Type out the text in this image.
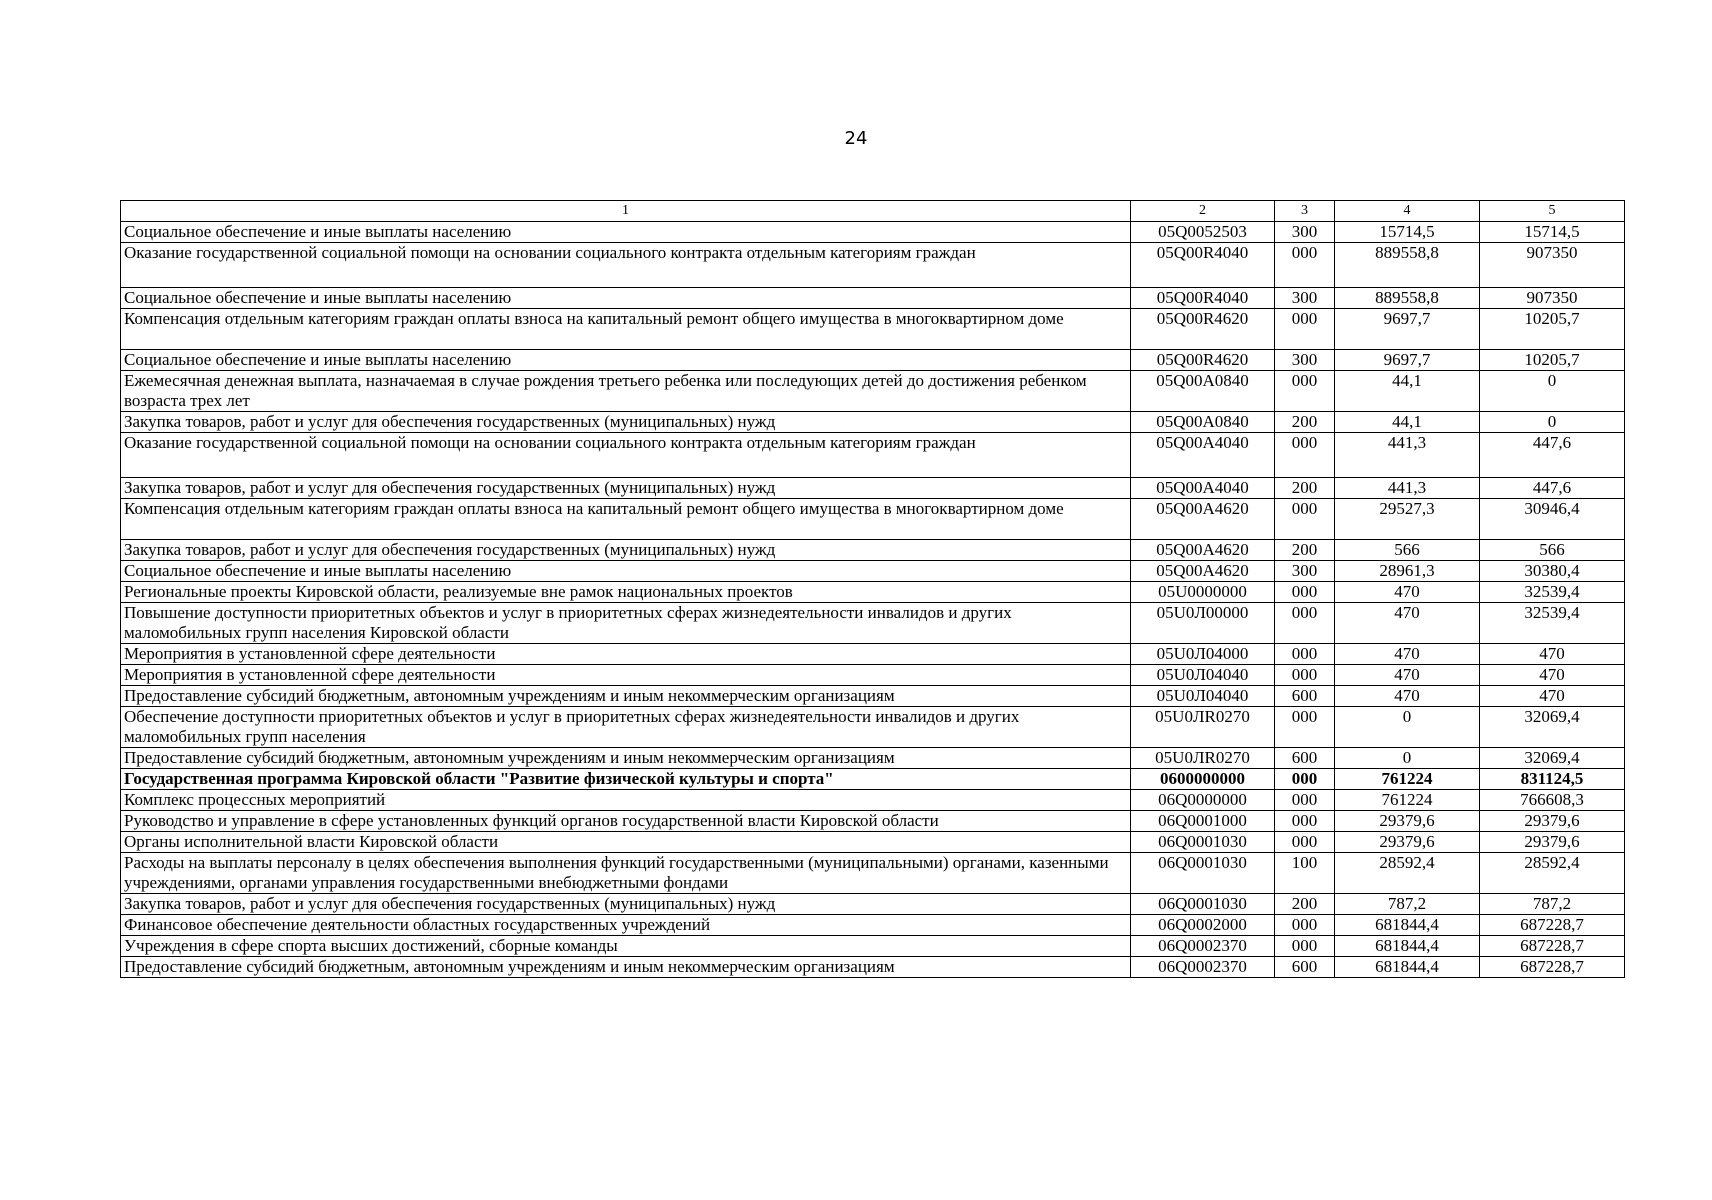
24
1	2	3	4	5
Социальное обеспечение и иные выплаты населению	05Q0052503	300	15714,5	15714,5
Оказание государственной социальной помощи на основании социального контракта отдельным категориям граждан	05Q00R4040	000	889558,8	907350
Социальное обеспечение и иные выплаты населению	05Q00R4040	300	889558,8	907350
Компенсация отдельным категориям граждан оплаты взноса на капитальный ремонт общего имущества в многоквартирном доме	05Q00R4620	000	9697,7	10205,7
Социальное обеспечение и иные выплаты населению	05Q00R4620	300	9697,7	10205,7
Ежемесячная денежная выплата, назначаемая в случае рождения третьего ребенка или последующих детей до достижения ребенком возраста трех лет	05Q00A0840	000	44,1	0
Закупка товаров, работ и услуг для обеспечения государственных (муниципальных) нужд	05Q00A0840	200	44,1	0
Оказание государственной социальной помощи на основании социального контракта отдельным категориям граждан	05Q00A4040	000	441,3	447,6
Закупка товаров, работ и услуг для обеспечения государственных (муниципальных) нужд	05Q00A4040	200	441,3	447,6
Компенсация отдельным категориям граждан оплаты взноса на капитальный ремонт общего имущества в многоквартирном доме	05Q00A4620	000	29527,3	30946,4
Закупка товаров, работ и услуг для обеспечения государственных (муниципальных) нужд	05Q00A4620	200	566	566
Социальное обеспечение и иные выплаты населению	05Q00A4620	300	28961,3	30380,4
Региональные проекты Кировской области, реализуемые вне рамок национальных проектов	05U0000000	000	470	32539,4
Повышение доступности приоритетных объектов и услуг в приоритетных сферах жизнедеятельности инвалидов и других маломобильных групп населения Кировской области	05U0Л00000	000	470	32539,4
Мероприятия в установленной сфере деятельности	05U0Л04000	000	470	470
Мероприятия в установленной сфере деятельности	05U0Л04040	000	470	470
Предоставление субсидий бюджетным, автономным учреждениям и иным некоммерческим организациям	05U0Л04040	600	470	470
Обеспечение доступности приоритетных объектов и услуг в приоритетных сферах жизнедеятельности инвалидов и других маломобильных групп населения	05U0ЛR0270	000	0	32069,4
Предоставление субсидий бюджетным, автономным учреждениям и иным некоммерческим организациям	05U0ЛR0270	600	0	32069,4
Государственная программа Кировской области "Развитие физической культуры и спорта"	0600000000	000	761224	831124,5
Комплекс процессных мероприятий	06Q0000000	000	761224	766608,3
Руководство и управление в сфере установленных функций органов государственной власти Кировской области	06Q0001000	000	29379,6	29379,6
Органы исполнительной власти Кировской области	06Q0001030	000	29379,6	29379,6
Расходы на выплаты персоналу в целях обеспечения выполнения функций государственными (муниципальными) органами, казенными учреждениями, органами управления государственными внебюджетными фондами	06Q0001030	100	28592,4	28592,4
Закупка товаров, работ и услуг для обеспечения государственных (муниципальных) нужд	06Q0001030	200	787,2	787,2
Финансовое обеспечение деятельности областных государственных учреждений	06Q0002000	000	681844,4	687228,7
Учреждения в сфере спорта высших достижений, сборные команды	06Q0002370	000	681844,4	687228,7
Предоставление субсидий бюджетным, автономным учреждениям и иным некоммерческим организациям	06Q0002370	600	681844,4	687228,7
